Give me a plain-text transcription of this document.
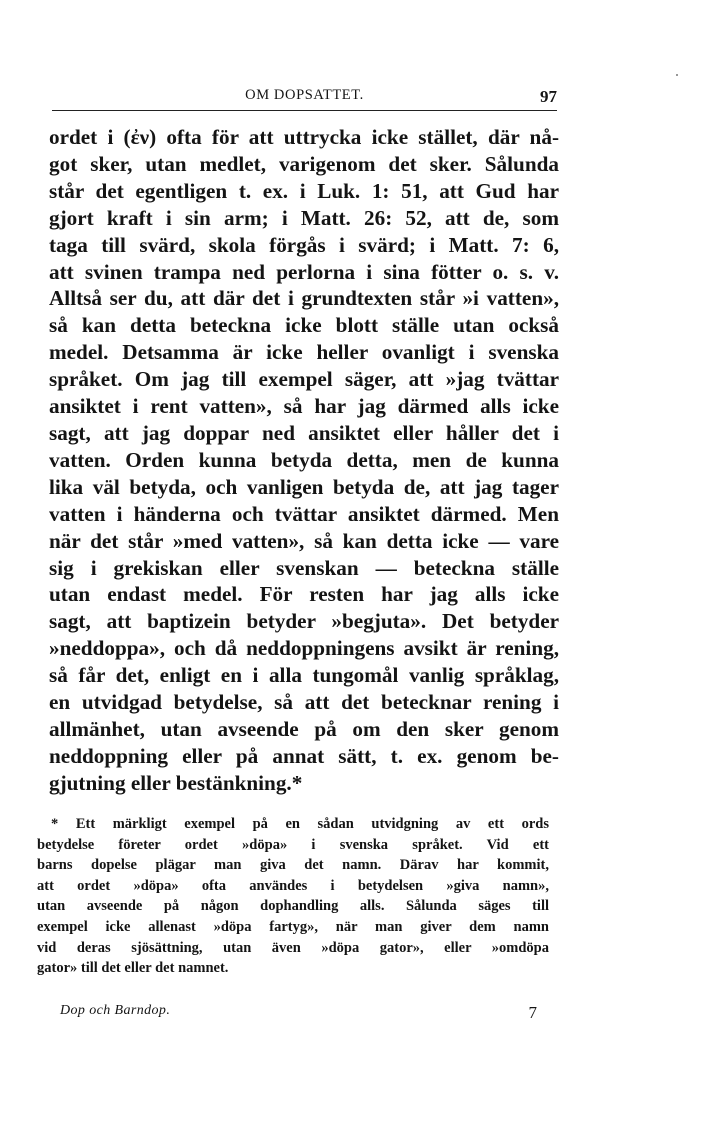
OM DOPSATTET.	97
ordet i (ἐν) ofta för att uttrycka icke stället, där nå-
got sker, utan medlet, varigenom det sker. Sålunda
står det egentligen t. ex. i Luk. 1: 51, att Gud har
gjort kraft i sin arm; i Matt. 26: 52, att de, som
taga till svärd, skola förgås i svärd; i Matt. 7: 6,
att svinen trampa ned perlorna i sina fötter o. s. v.
Alltså ser du, att där det i grundtexten står »i vatten»,
så kan detta beteckna icke blott ställe utan också
medel. Detsamma är icke heller ovanligt i svenska
språket. Om jag till exempel säger, att »jag tvättar
ansiktet i rent vatten», så har jag därmed alls icke
sagt, att jag doppar ned ansiktet eller håller det i
vatten. Orden kunna betyda detta, men de kunna
lika väl betyda, och vanligen betyda de, att jag tager
vatten i händerna och tvättar ansiktet därmed. Men
när det står »med vatten», så kan detta icke — vare
sig i grekiskan eller svenskan — beteckna ställe
utan endast medel. För resten har jag alls icke
sagt, att baptizein betyder »begjuta». Det betyder
»neddoppa», och då neddoppningens avsikt är rening,
så får det, enligt en i alla tungomål vanlig språklag,
en utvidgad betydelse, så att det betecknar rening i
allmänhet, utan avseende på om den sker genom
neddoppning eller på annat sätt, t. ex. genom be-
gjutning eller bestänkning.*
* Ett märkligt exempel på en sådan utvidgning av ett ords
betydelse företer ordet »döpa» i svenska språket. Vid ett
barns dopelse plägar man giva det namn. Därav har kommit,
att ordet »döpa» ofta användes i betydelsen »giva namn»,
utan avseende på någon dophandling alls. Sålunda säges till
exempel icke allenast »döpa fartyg», när man giver dem namn
vid deras sjösättning, utan även »döpa gator», eller »omdöpa
gator» till det eller det namnet.
Dop och Barndop.	7
